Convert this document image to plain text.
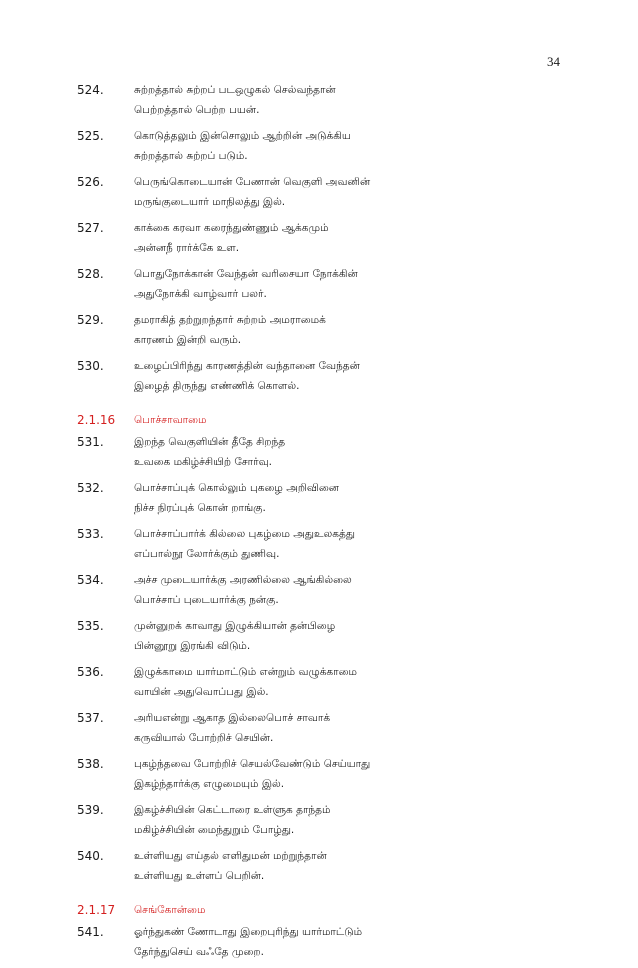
34
524.	சுற்றத்தால் சுற்றப் படஒழுகல் செல்வந்தான்
பெற்றத்தால் பெற்ற பயன்.
525.	கொடுத்தலும் இன்சொலும் ஆற்றின் அடுக்கிய
சுற்றத்தால் சுற்றப் படும்.
526.	பெருங்கொடையான் பேணான் வெகுளி அவனின்
மருங்குடையார் மாநிலத்து இல்.
527.	காக்கை கரவா கரைந்துண்ணும் ஆக்கமும்
அன்னநீ ரார்க்கே உள.
528.	பொதுநோக்கான் வேந்தன் வரிசையா நோக்கின்
அதுநோக்கி வாழ்வார் பலர்.
529.	தமராகித் தற்றுறந்தார் சுற்றம் அமராமைக்
காரணம் இன்றி வரும்.
530.	உழைப்பிரிந்து காரணத்தின் வந்தானை வேந்தன்
இழைத் திருந்து எண்ணிக் கொளல்.
2.1.16	பொச்சாவாமை
531.	இறந்த வெகுளியின் தீதே சிறந்த
உவகை மகிழ்ச்சியிற் சோர்வு.
532.	பொச்சாப்புக் கொல்லும் புகழை அறிவினை
நிச்ச நிரப்புக் கொன் றாங்கு.
533.	பொச்சாப்பார்க் கில்லை புகழ்மை அதுஉலகத்து
எப்பால்நூ லோர்க்கும் துணிவு.
534.	அச்ச முடையார்க்கு அரணில்லை ஆங்கில்லை
பொச்சாப் புடையார்க்கு நன்கு.
535.	முன்னுறக் காவாது இழுக்கியான் தன்பிழை
பின்னூறு இரங்கி விடும்.
536.	இழுக்காமை யார்மாட்டும் என்றும் வழுக்காமை
வாயின் அதுவொப்பது இல்.
537.	அரியஎன்று ஆகாத இல்லைபொச் சாவாக்
கருவியால் போற்றிச் செயின்.
538.	புகழ்ந்தவை போற்றிச் செயல்வேண்டும் செய்யாது
இகழ்ந்தார்க்கு எழுமையும் இல்.
539.	இகழ்ச்சியின் கெட்டாரை உள்ளுக தாந்தம்
மகிழ்ச்சியின் மைந்துறும் போழ்து.
540.	உள்ளியது எய்தல் எளிதுமன் மற்றுந்தான்
உள்ளியது உள்ளப் பெறின்.
2.1.17	செங்கோன்மை
541.	ஓர்ந்துகண் ணோடாது இறைபுரிந்து யார்மாட்டும்
தேர்ந்துசெய் வஃதே முறை.
